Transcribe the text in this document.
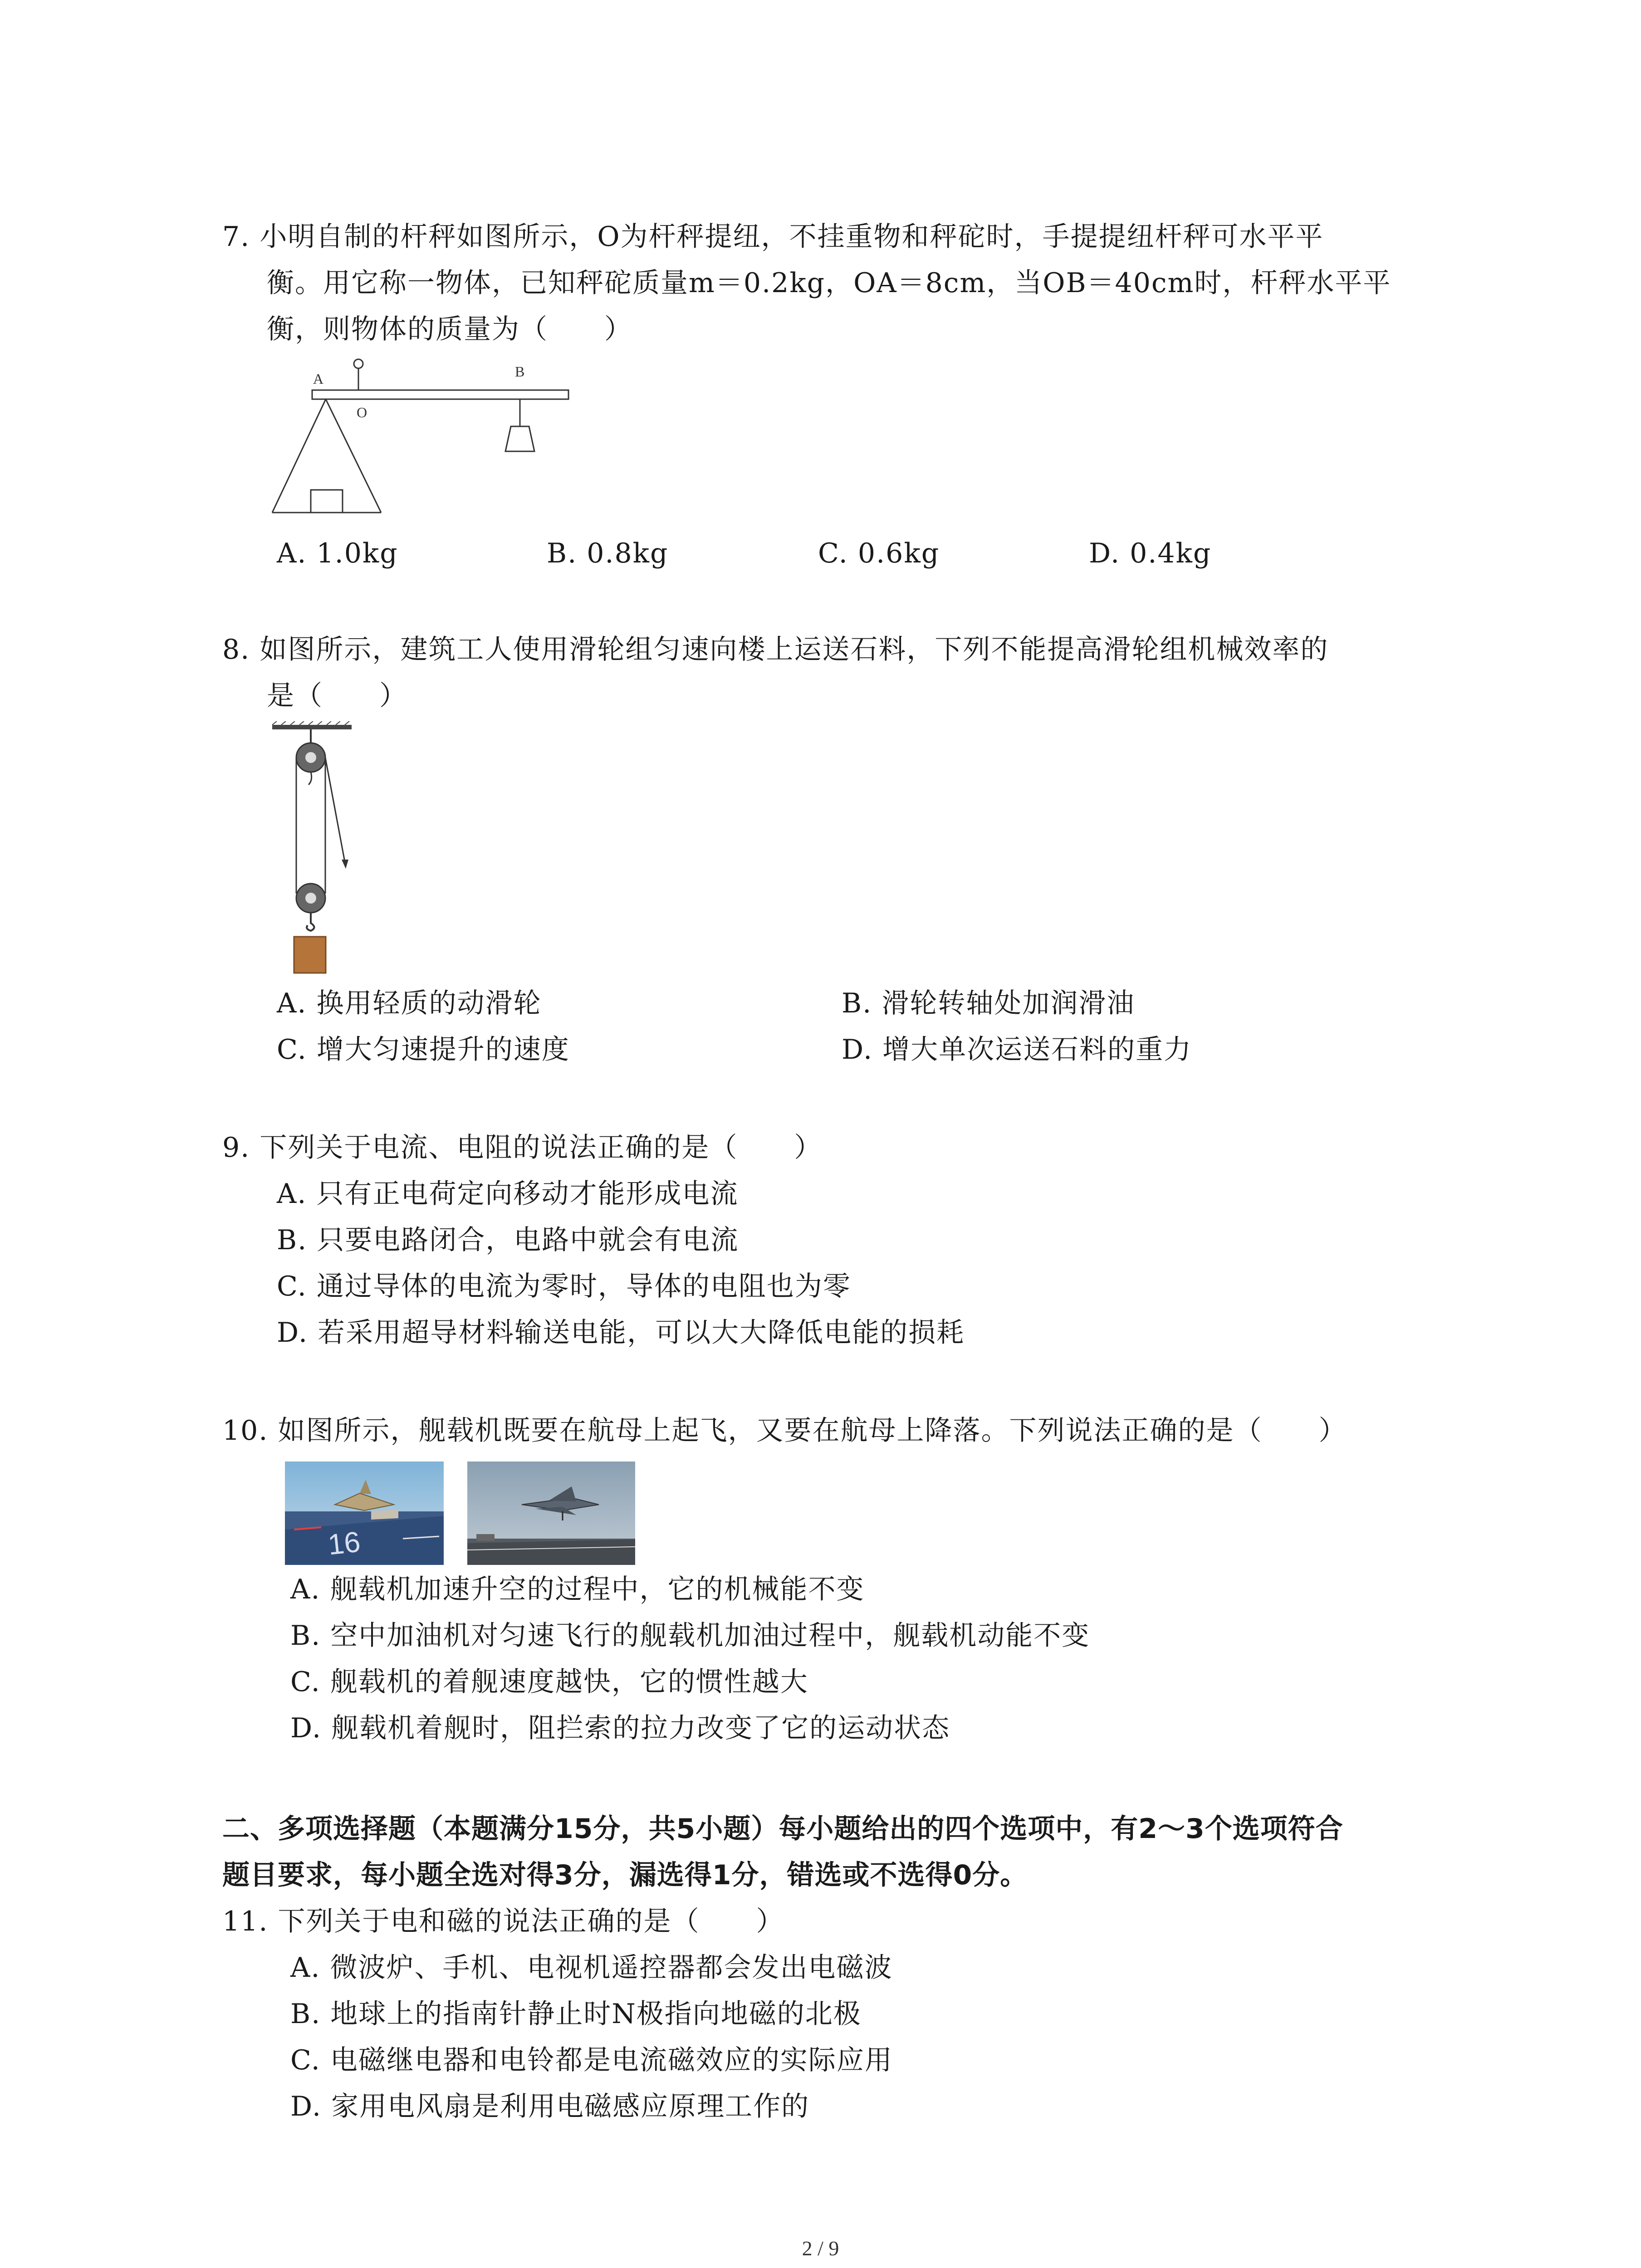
7. 小明自制的杆秤如图所示，O为杆秤提纽，不挂重物和秤砣时，手提提纽杆秤可水平平
衡。用它称一物体，已知秤砣质量m＝0.2kg，OA＝8cm，当OB＝40cm时，杆秤水平平
衡，则物体的质量为（　　）
A
O
B
A. 1.0kg	B. 0.8kg	C. 0.6kg	D. 0.4kg
8. 如图所示，建筑工人使用滑轮组匀速向楼上运送石料，下列不能提高滑轮组机械效率的
是（　　）
A. 换用轻质的动滑轮	B. 滑轮转轴处加润滑油
C. 增大匀速提升的速度	D. 增大单次运送石料的重力
9. 下列关于电流、电阻的说法正确的是（　　）
A. 只有正电荷定向移动才能形成电流
B. 只要电路闭合，电路中就会有电流
C. 通过导体的电流为零时，导体的电阻也为零
D. 若采用超导材料输送电能，可以大大降低电能的损耗
10. 如图所示，舰载机既要在航母上起飞，又要在航母上降落。下列说法正确的是（　　）
16
A. 舰载机加速升空的过程中，它的机械能不变
B. 空中加油机对匀速飞行的舰载机加油过程中，舰载机动能不变
C. 舰载机的着舰速度越快，它的惯性越大
D. 舰载机着舰时，阻拦索的拉力改变了它的运动状态
二、多项选择题（本题满分15分，共5小题）每小题给出的四个选项中，有2～3个选项符合
题目要求，每小题全选对得3分，漏选得1分，错选或不选得0分。
11. 下列关于电和磁的说法正确的是（　　）
A. 微波炉、手机、电视机遥控器都会发出电磁波
B. 地球上的指南针静止时N极指向地磁的北极
C. 电磁继电器和电铃都是电流磁效应的实际应用
D. 家用电风扇是利用电磁感应原理工作的
2 / 9
